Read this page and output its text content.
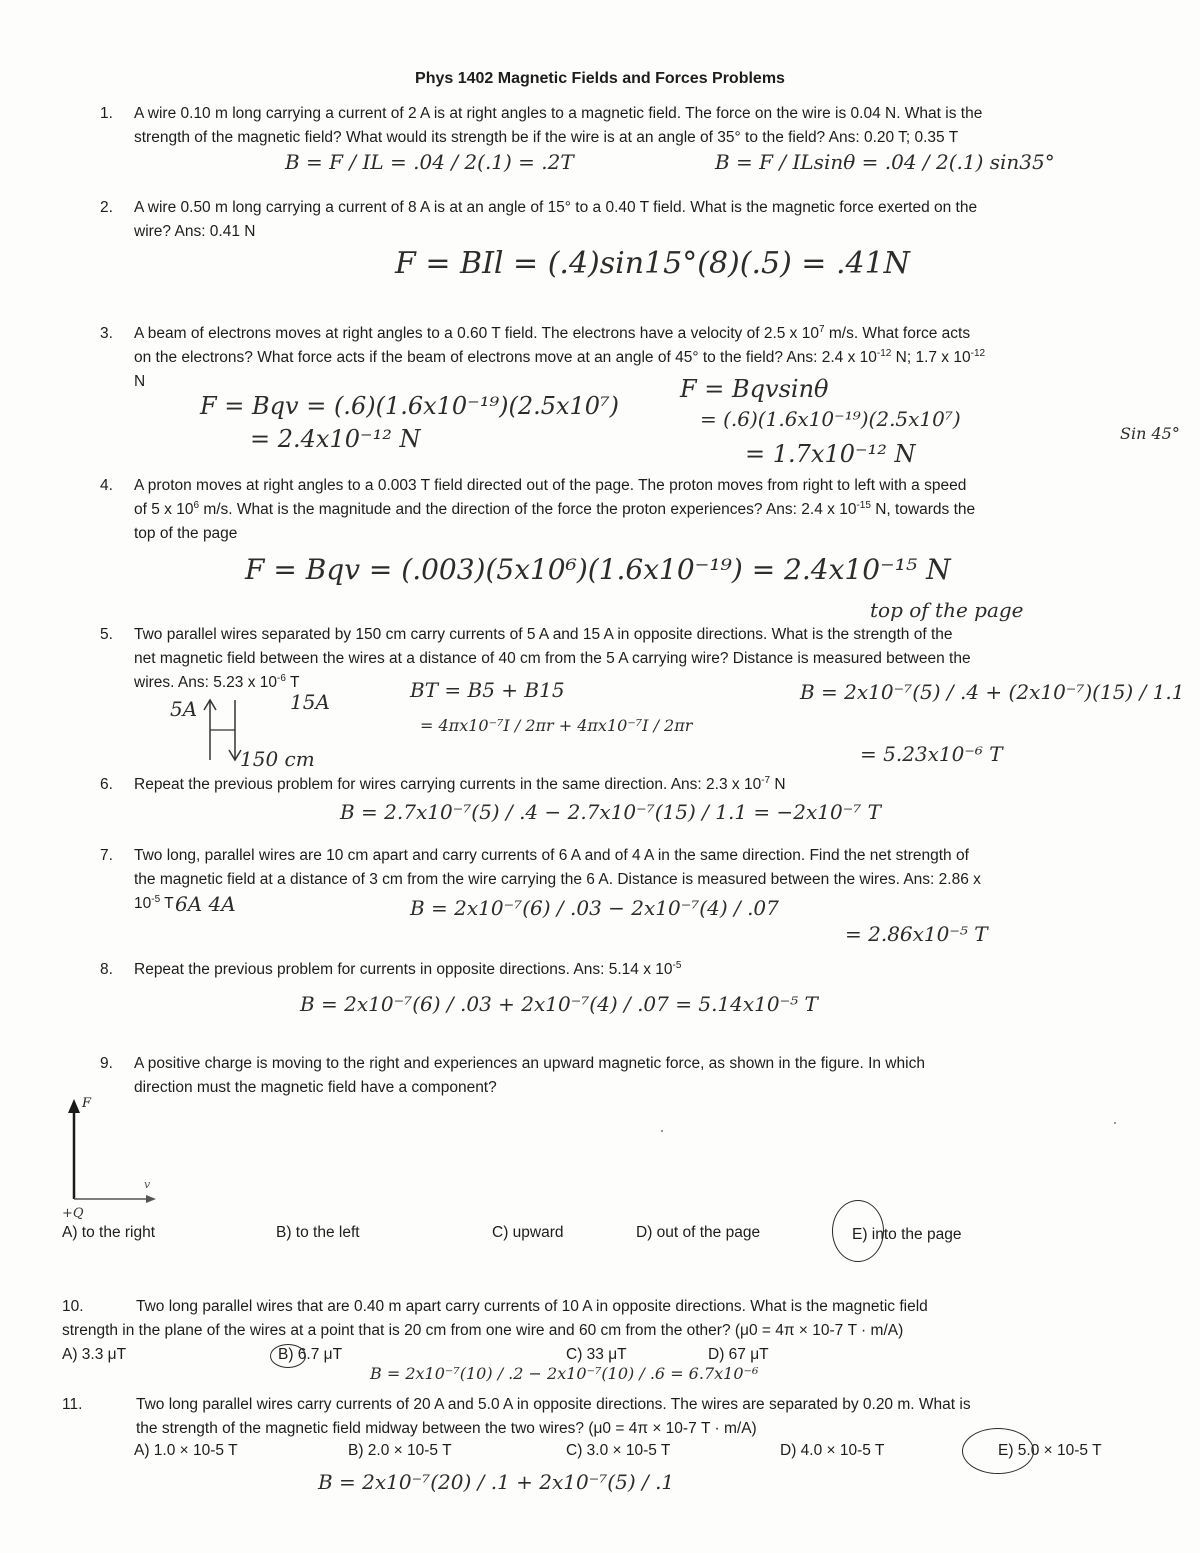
Phys 1402 Magnetic Fields and Forces Problems
1. A wire 0.10 m long carrying a current of 2 A is at right angles to a magnetic field. The force on the wire is 0.04 N. What is the
strength of the magnetic field? What would its strength be if the wire is at an angle of 35° to the field? Ans: 0.20 T; 0.35 T
B = F / IL = .04 / 2(.1) = .2T	B = F / ILsinθ = .04 / 2(.1) sin35°
2. A wire 0.50 m long carrying a current of 8 A is at an angle of 15° to a 0.40 T field. What is the magnetic force exerted on the
wire? Ans: 0.41 N
F = BIl = (.4)sin15°(8)(.5) = .41N
3. A beam of electrons moves at right angles to a 0.60 T field. The electrons have a velocity of 2.5 x $10^7$ m/s. What force acts
on the electrons? What force acts if the beam of electrons move at an angle of 45° to the field? Ans: 2.4 x $10^{-12}$ N; 1.7 x $10^{-12}$
N
F = Bqv = (.6)(1.6x10⁻¹⁹)(2.5x10⁷)
= 2.4x10⁻¹² N
F = Bqvsinθ
= (.6)(1.6x10⁻¹⁹)(2.5x10⁷)
= 1.7x10⁻¹² N
Sin 45°
4. A proton moves at right angles to a 0.003 T field directed out of the page. The proton moves from right to left with a speed
of 5 x $10^6$ m/s. What is the magnitude and the direction of the force the proton experiences? Ans: 2.4 x $10^{-15}$ N, towards the
top of the page
F = Bqv = (.003)(5x10⁶)(1.6x10⁻¹⁹) = 2.4x10⁻¹⁵ N
top of the page
5. Two parallel wires separated by 150 cm carry currents of 5 A and 15 A in opposite directions. What is the strength of the
net magnetic field between the wires at a distance of 40 cm from the 5 A carrying wire? Distance is measured between the
wires. Ans: 5.23 x $10^{-6}$ T
5A	15A
150 cm
BT = B5 + B15
= 4πx10⁻⁷I / 2πr + 4πx10⁻⁷I / 2πr
B = 2x10⁻⁷(5) / .4 + (2x10⁻⁷)(15) / 1.1
= 5.23x10⁻⁶ T
6. Repeat the previous problem for wires carrying currents in the same direction. Ans: 2.3 x $10^{-7}$ N
B = 2.7x10⁻⁷(5) / .4 − 2.7x10⁻⁷(15) / 1.1 = −2x10⁻⁷ T
7. Two long, parallel wires are 10 cm apart and carry currents of 6 A and of 4 A in the same direction. Find the net strength of
the magnetic field at a distance of 3 cm from the wire carrying the 6 A. Distance is measured between the wires. Ans: 2.86 x
$10^{-5}$ T 6A 4A	B = 2x10⁻⁷(6) / .03 − 2x10⁻⁷(4) / .07
= 2.86x10⁻⁵ T
8. Repeat the previous problem for currents in opposite directions. Ans: 5.14 x $10^{-5}$
B = 2x10⁻⁷(6) / .03 + 2x10⁻⁷(4) / .07 = 5.14x10⁻⁵ T
9. A positive charge is moving to the right and experiences an upward magnetic force, as shown in the figure. In which
direction must the magnetic field have a component?
F
v
+Q
A) to the right	B) to the left	C) upward	D) out of the page	E) into the page
10.	Two long parallel wires that are 0.40 m apart carry currents of 10 A in opposite directions. What is the magnetic field
strength in the plane of the wires at a point that is 20 cm from one wire and 60 cm from the other? (μ0 = 4π × 10-7 T · m/A)
A) 3.3 μT	B) 6.7 μT	C) 33 μT	D) 67 μT
B = 2x10⁻⁷(10) / .2 − 2x10⁻⁷(10) / .6 = 6.7x10⁻⁶
11.	Two long parallel wires carry currents of 20 A and 5.0 A in opposite directions. The wires are separated by 0.20 m. What is
the strength of the magnetic field midway between the two wires? (μ0 = 4π × 10-7 T · m/A)
A) 1.0 × 10-5 T	B) 2.0 × 10-5 T	C) 3.0 × 10-5 T	D) 4.0 × 10-5 T	E) 5.0 × 10-5 T
B = 2x10⁻⁷(20) / .1 + 2x10⁻⁷(5) / .1
